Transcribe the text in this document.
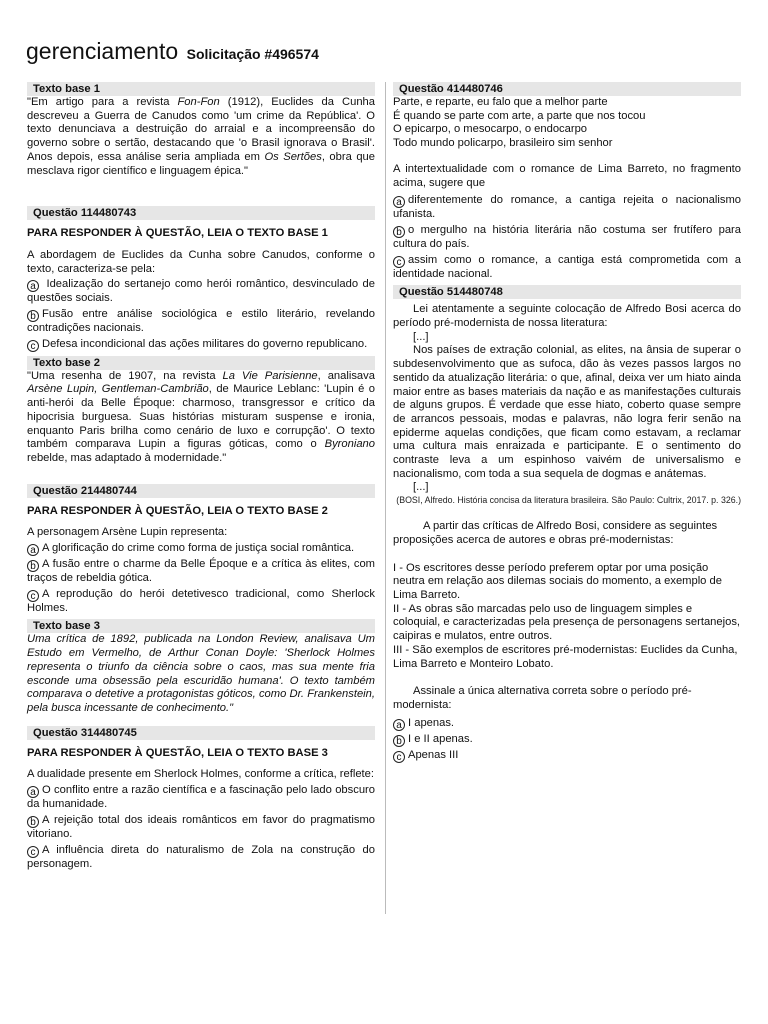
gerenciamento Solicitação #496574
Texto base 1

"Em artigo para a revista Fon-Fon (1912), Euclides da Cunha descreveu a Guerra de Canudos como 'um crime da República'. O texto denunciava a destruição do arraial e a incompreensão do governo sobre o sertão, destacando que 'o Brasil ignorava o Brasil'. Anos depois, essa análise seria ampliada em Os Sertões, obra que mesclava rigor científico e linguagem épica."

Questão 114480743

PARA RESPONDER À QUESTÃO, LEIA O TEXTO BASE 1

A abordagem de Euclides da Cunha sobre Canudos, conforme o texto, caracteriza-se pela:

a Idealização do sertanejo como herói romântico, desvinculado de questões sociais.

b Fusão entre análise sociológica e estilo literário, revelando contradições nacionais.

c Defesa incondicional das ações militares do governo republicano.

Texto base 2

"Uma resenha de 1907, na revista La Vie Parisienne, analisava Arsène Lupin, Gentleman-Cambrião, de Maurice Leblanc: 'Lupin é o anti-herói da Belle Époque: charmoso, transgressor e crítico da hipocrisia burguesa. Suas histórias misturam suspense e ironia, enquanto Paris brilha como cenário de luxo e corrupção'. O texto também comparava Lupin a figuras góticas, como o Byroniano rebelde, mas adaptado à modernidade."

Questão 214480744

PARA RESPONDER À QUESTÃO, LEIA O TEXTO BASE 2

A personagem Arsène Lupin representa:

a A glorificação do crime como forma de justiça social romântica.

b A fusão entre o charme da Belle Époque e a crítica às elites, com traços de rebeldia gótica.

c A reprodução do herói detetivesco tradicional, como Sherlock Holmes.

Texto base 3

Uma crítica de 1892, publicada na London Review, analisava Um Estudo em Vermelho, de Arthur Conan Doyle: 'Sherlock Holmes representa o triunfo da ciência sobre o caos, mas sua mente fria esconde uma obsessão pela escuridão humana'. O texto também comparava o detetive a protagonistas góticos, como Dr. Frankenstein, pela busca incessante de conhecimento."

Questão 314480745

PARA RESPONDER À QUESTÃO, LEIA O TEXTO BASE 3

A dualidade presente em Sherlock Holmes, conforme a crítica, reflete:

a O conflito entre a razão científica e a fascinação pelo lado obscuro da humanidade.

b A rejeição total dos ideais românticos em favor do pragmatismo vitoriano.

c A influência direta do naturalismo de Zola na construção do personagem.

Questão 414480746

Parte, e reparte, eu falo que a melhor parte

É quando se parte com arte, a parte que nos tocou

O epicarpo, o mesocarpo, o endocarpo

Todo mundo policarpo, brasileiro sim senhor

A intertextualidade com o romance de Lima Barreto, no fragmento acima, sugere que

a diferentemente do romance, a cantiga rejeita o nacionalismo ufanista.

b o mergulho na história literária não costuma ser frutífero para cultura do país.

c assim como o romance, a cantiga está comprometida com a identidade nacional.

Questão 514480748

Lei atentamente a seguinte colocação de Alfredo Bosi acerca do período pré-modernista de nossa literatura:

[...]

Nos países de extração colonial, as elites, na ânsia de superar o subdesenvolvimento que as sufoca, dão às vezes passos largos no sentido da atualização literária: o que, afinal, deixa ver um hiato ainda maior entre as bases materiais da nação e as manifestações culturais de alguns grupos. É verdade que esse hiato, coberto quase sempre de arrancos pessoais, modas e palavras, não logra ferir senão na epiderme aquelas condições, que ficam como estavam, a reclamar uma cultura mais enraizada e participante. E o sentimento do contraste leva a um espinhoso vaivém de universalismo e nacionalismo, com toda a sua sequela de dogmas e anátemas.

[...]

(BOSI, Alfredo. História concisa da literatura brasileira. São Paulo: Cultrix, 2017. p. 326.)

A partir das críticas de Alfredo Bosi, considere as seguintes proposições acerca de autores e obras pré-modernistas:

I - Os escritores desse período preferem optar por uma posição neutra em relação aos dilemas sociais do momento, a exemplo de Lima Barreto.

II - As obras são marcadas pelo uso de linguagem simples e coloquial, e caracterizadas pela presença de personagens sertanejos, caipiras e mulatos, entre outros.

III - São exemplos de escritores pré-modernistas: Euclides da Cunha, Lima Barreto e Monteiro Lobato.

Assinale a única alternativa correta sobre o período pré-modernista:

a I apenas.

b I e II apenas.

c Apenas III
